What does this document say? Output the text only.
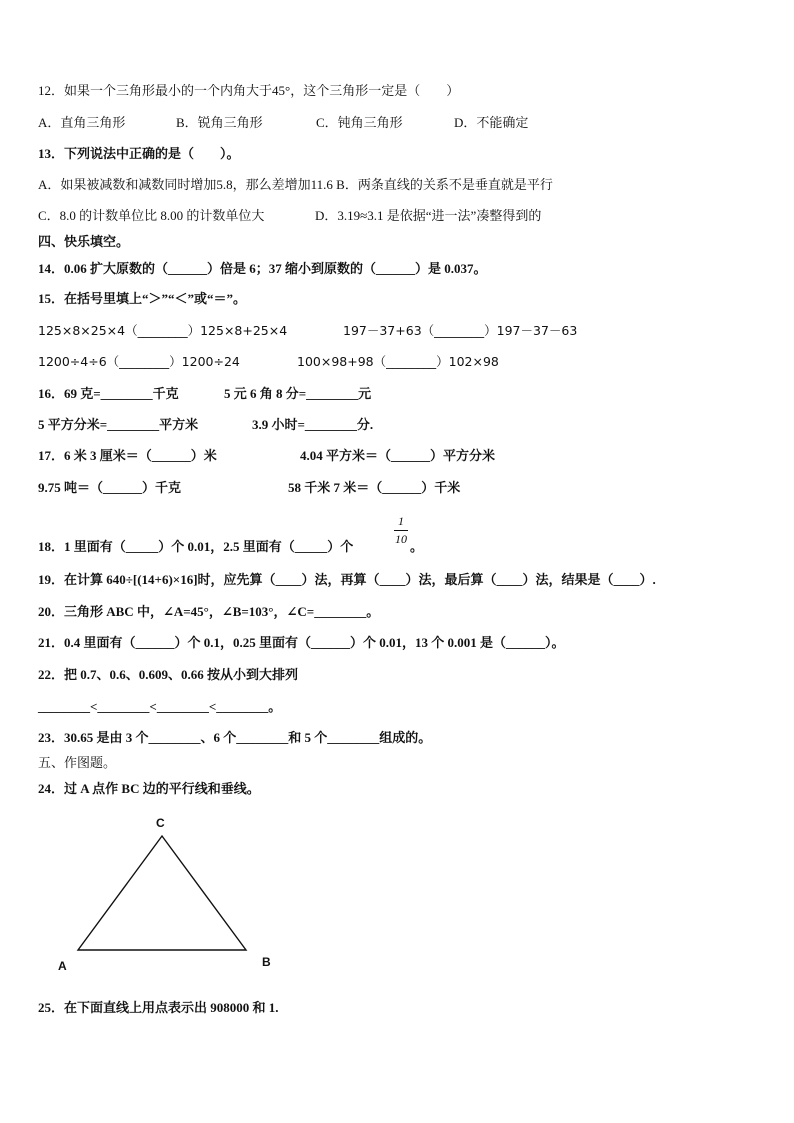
12．如果一个三角形最小的一个内角大于45°，这个三角形一定是（　　）
A．直角三角形	B．锐角三角形	C．钝角三角形	D．不能确定
13．下列说法中正确的是（　　）。
A．如果被减数和减数同时增加5.8，那么差增加11.6 B．两条直线的关系不是垂直就是平行
C．8.0 的计数单位比 8.00 的计数单位大	D．3.19≈3.1 是依据“进一法”凑整得到的
四、快乐填空。
14．0.06 扩大原数的（______）倍是 6；37 缩小到原数的（______）是 0.037。
15．在括号里填上“＞”“＜”或“＝”。
125×8×25×4（________）125×8+25×4	197－37+63（________）197－37－63
1200÷4÷6（________）1200÷24	100×98+98（________）102×98
16．69 克=________千克	5 元 6 角 8 分=________元
5 平方分米=________平方米	3.9 小时=________分.
17．6 米 3 厘米＝（______）米	4.04 平方米＝（______）平方分米
9.75 吨＝（______）千克	58 千米 7 米＝（______）千米
18．1 里面有（_____）个 0.01，2.5 里面有（_____）个
1
10 。
19．在计算 640÷[(14+6)×16]时，应先算（____）法，再算（____）法，最后算（____）法，结果是（____）.
20．三角形 ABC 中，∠A=45°，∠B=103°，∠C=________。
21．0.4 里面有（______）个 0.1，0.25 里面有（______）个 0.01，13 个 0.001 是（______）。
22．把 0.7、0.6、0.609、0.66 按从小到大排列
________<________<________<________。
23．30.65 是由 3 个________、6 个________和 5 个________组成的。
五、作图题。
24．过 A 点作 BC 边的平行线和垂线。
C
A	B
25．在下面直线上用点表示出 908000 和 1.
